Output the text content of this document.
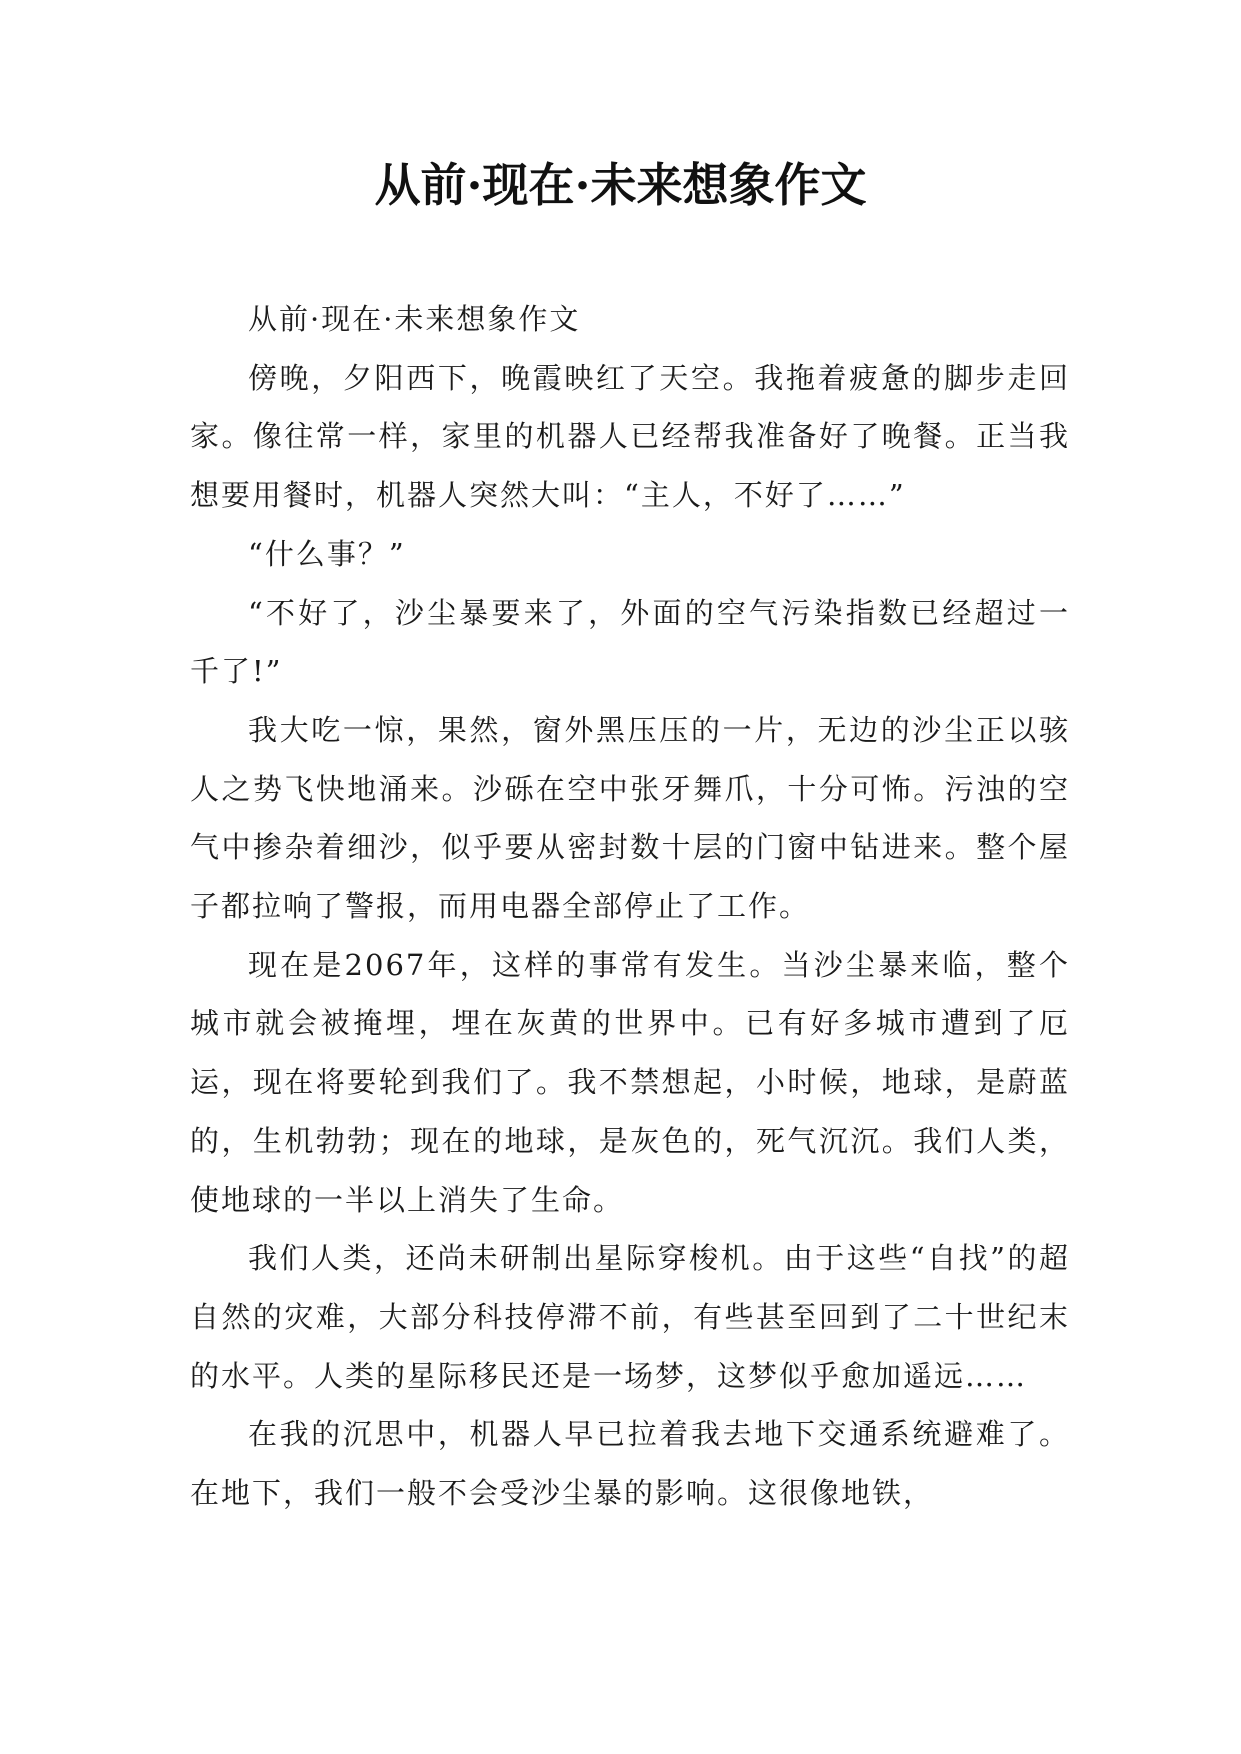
从前·现在·未来想象作文

从前·现在·未来想象作文

傍晚，夕阳西下，晚霞映红了天空。我拖着疲惫的脚步走回家。像往常一样，家里的机器人已经帮我准备好了晚餐。正当我想要用餐时，机器人突然大叫：“主人，不好了……”

“什么事？”

“不好了，沙尘暴要来了，外面的空气污染指数已经超过一千了!”

我大吃一惊，果然，窗外黑压压的一片，无边的沙尘正以骇人之势飞快地涌来。沙砾在空中张牙舞爪，十分可怖。污浊的空气中掺杂着细沙，似乎要从密封数十层的门窗中钻进来。整个屋子都拉响了警报，而用电器全部停止了工作。

现在是2067年，这样的事常有发生。当沙尘暴来临，整个城市就会被掩埋，埋在灰黄的世界中。已有好多城市遭到了厄运，现在将要轮到我们了。我不禁想起，小时候，地球，是蔚蓝的，生机勃勃；现在的地球，是灰色的，死气沉沉。我们人类，使地球的一半以上消失了生命。

我们人类，还尚未研制出星际穿梭机。由于这些“自找”的超自然的灾难，大部分科技停滞不前，有些甚至回到了二十世纪末的水平。人类的星际移民还是一场梦，这梦似乎愈加遥远……

在我的沉思中，机器人早已拉着我去地下交通系统避难了。在地下，我们一般不会受沙尘暴的影响。这很像地铁，
